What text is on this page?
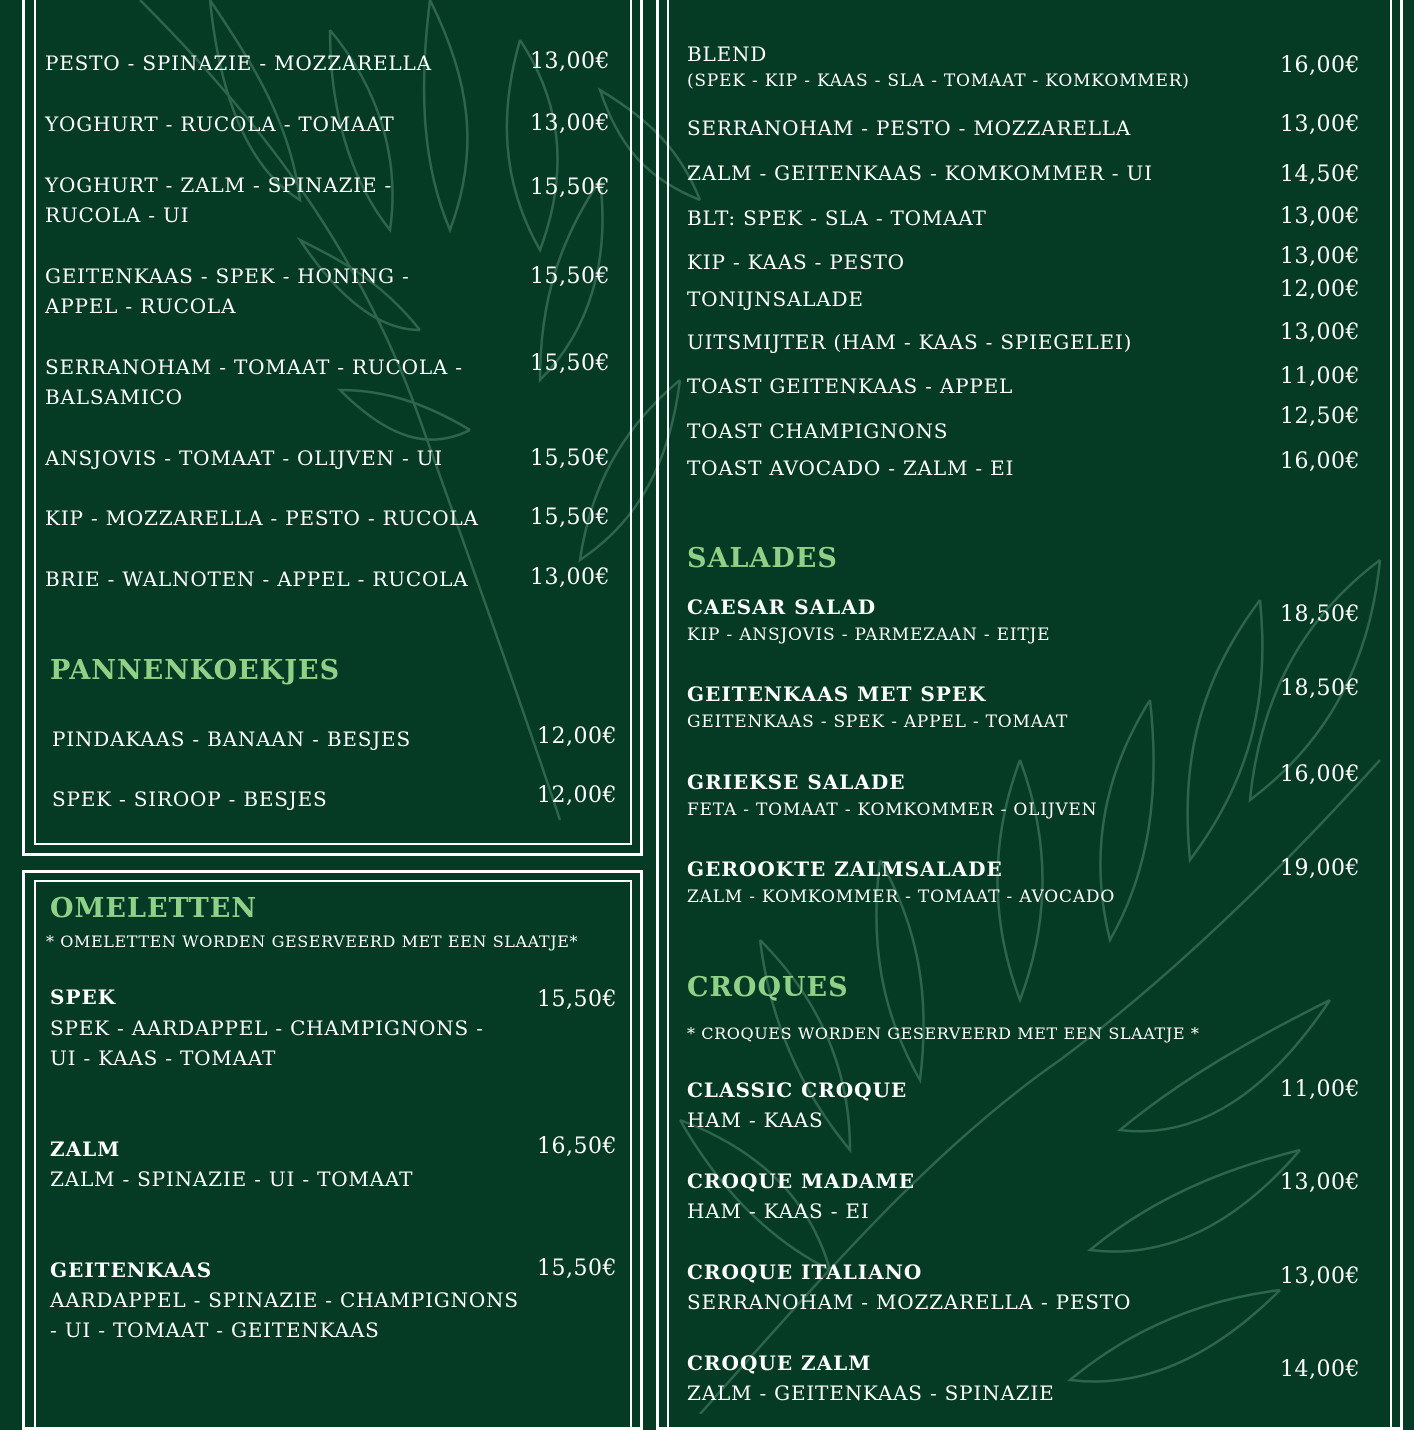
PESTO - SPINAZIE - MOZZARELLA	13,00€
YOGHURT - RUCOLA - TOMAAT	13,00€
YOGHURT - ZALM - SPINAZIE -
RUCOLA - UI
15,50€
GEITENKAAS - SPEK - HONING -
APPEL - RUCOLA
15,50€
SERRANOHAM - TOMAAT - RUCOLA -
BALSAMICO
15,50€
ANSJOVIS - TOMAAT - OLIJVEN - UI	15,50€
KIP - MOZZARELLA - PESTO - RUCOLA	15,50€
BRIE - WALNOTEN - APPEL - RUCOLA	13,00€
PANNENKOEKJES
PINDAKAAS - BANAAN - BESJES	12,00€
SPEK - SIROOP - BESJES	12,00€
OMELETTEN
* OMELETTEN WORDEN GESERVEERD MET EEN SLAATJE*
SPEK
SPEK - AARDAPPEL - CHAMPIGNONS -
UI - KAAS - TOMAAT
15,50€
ZALM
ZALM - SPINAZIE - UI - TOMAAT
16,50€
GEITENKAAS
AARDAPPEL - SPINAZIE - CHAMPIGNONS
- UI - TOMAAT - GEITENKAAS
15,50€
BLEND
(SPEK - KIP - KAAS - SLA - TOMAAT - KOMKOMMER)
16,00€
SERRANOHAM - PESTO - MOZZARELLA	13,00€
ZALM - GEITENKAAS - KOMKOMMER - UI	14,50€
BLT: SPEK - SLA - TOMAAT	13,00€
KIP - KAAS - PESTO	13,00€
TONIJNSALADE	12,00€
UITSMIJTER (HAM - KAAS - SPIEGELEI)	13,00€
TOAST GEITENKAAS - APPEL	11,00€
TOAST CHAMPIGNONS
12,50€
TOAST AVOCADO - ZALM - EI	16,00€
SALADES
CAESAR SALAD
KIP - ANSJOVIS - PARMEZAAN - EITJE
18,50€
GEITENKAAS MET SPEK
GEITENKAAS - SPEK - APPEL - TOMAAT
18,50€
GRIEKSE SALADE
FETA - TOMAAT - KOMKOMMER - OLIJVEN
16,00€
GEROOKTE ZALMSALADE
ZALM - KOMKOMMER - TOMAAT - AVOCADO
19,00€
CROQUES
* CROQUES WORDEN GESERVEERD MET EEN SLAATJE *
CLASSIC CROQUE
HAM - KAAS
11,00€
CROQUE MADAME
HAM - KAAS - EI
13,00€
CROQUE ITALIANO
SERRANOHAM - MOZZARELLA - PESTO
13,00€
CROQUE ZALM
ZALM - GEITENKAAS - SPINAZIE
14,00€
